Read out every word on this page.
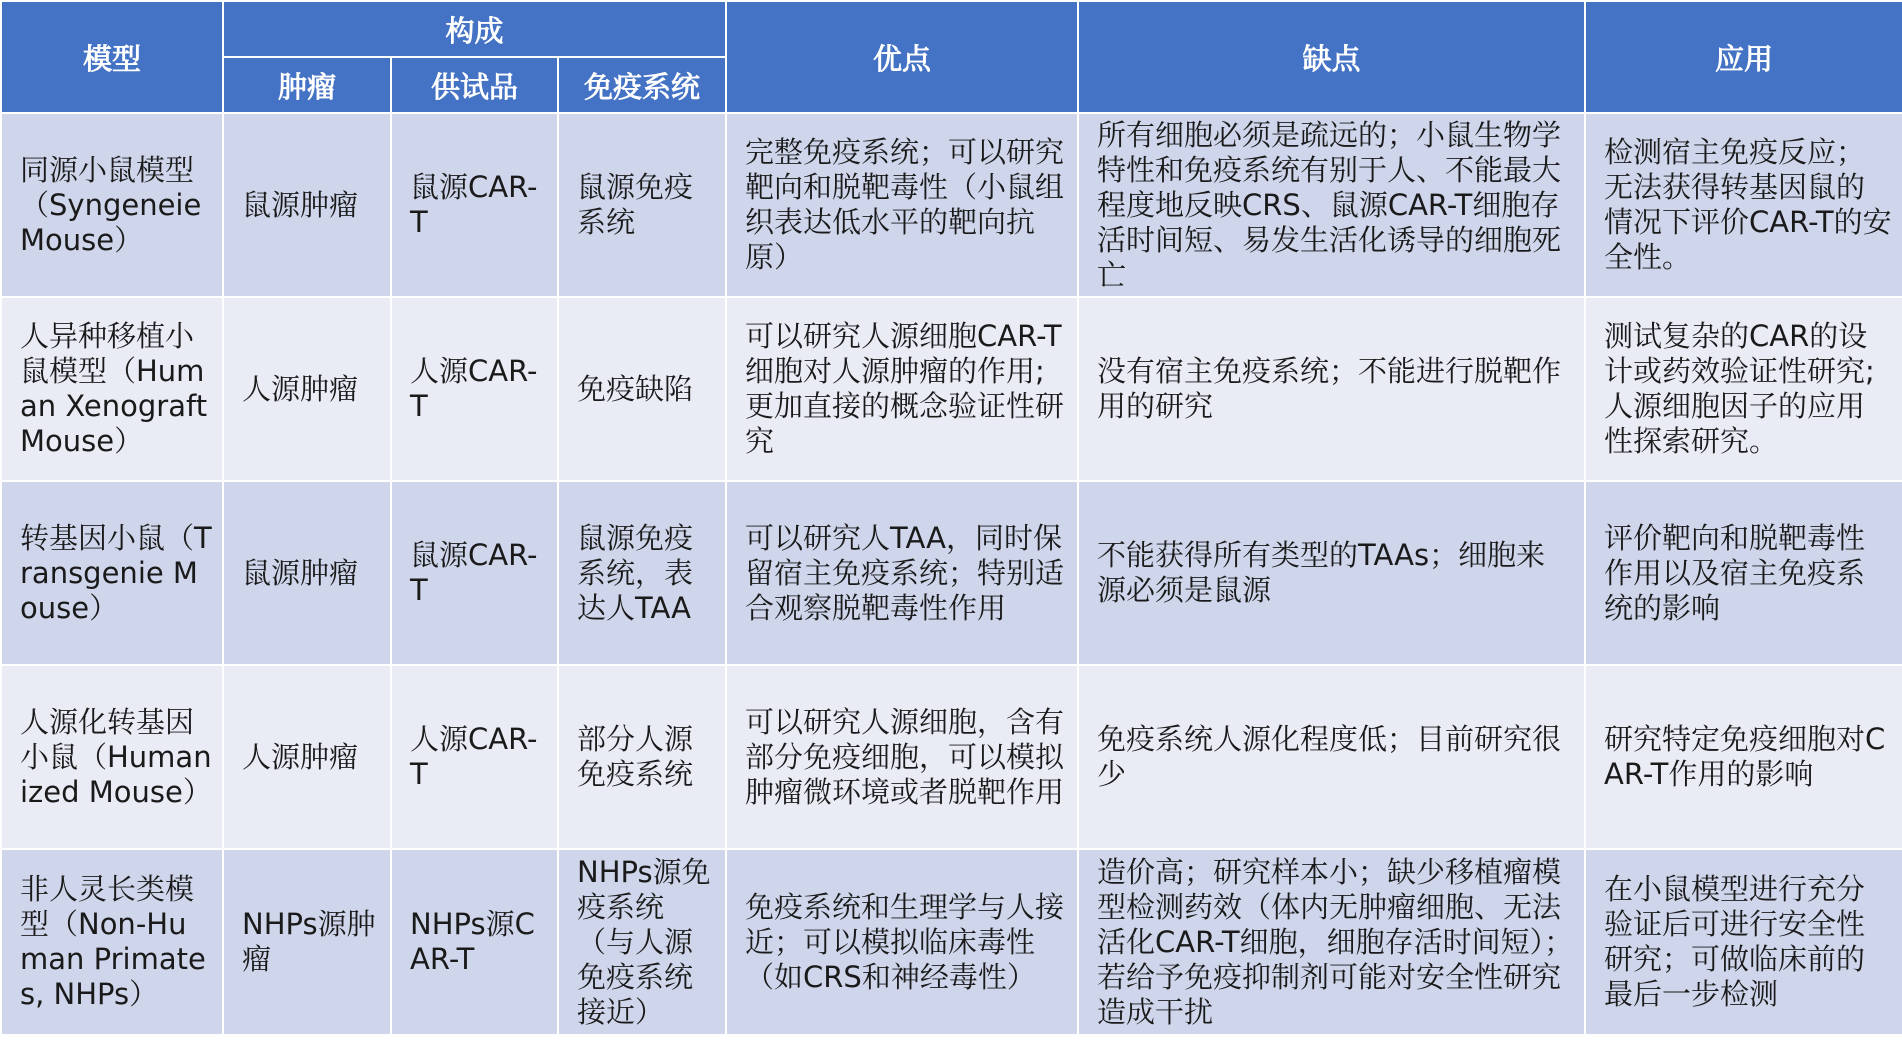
模型	构成			优点	缺点	应用
	肿瘤	供试品	免疫系统			
同源小鼠模型（Syngeneie Mouse）	鼠源肿瘤	鼠源CAR-T	鼠源免疫系统	完整免疫系统；可以研究靶向和脱靶毒性（小鼠组织表达低水平的靶向抗原）	所有细胞必须是疏远的；小鼠生物学特性和免疫系统有别于人、不能最大程度地反映CRS、鼠源CAR-T细胞存活时间短、易发生活化诱导的细胞死亡	检测宿主免疫反应；无法获得转基因鼠的情况下评价CAR-T的安全性。
人异种移植小鼠模型（Human Xenograft Mouse）	人源肿瘤	人源CAR-T	免疫缺陷	可以研究人源细胞CAR-T细胞对人源肿瘤的作用;更加直接的概念验证性研究	没有宿主免疫系统；不能进行脱靶作用的研究	测试复杂的CAR的设计或药效验证性研究;人源细胞因子的应用性探索研究。
转基因小鼠（Transgenie Mouse）	鼠源肿瘤	鼠源CAR-T	鼠源免疫系统，表达人TAA	可以研究人TAA，同时保留宿主免疫系统；特别适合观察脱靶毒性作用	不能获得所有类型的TAAs；细胞来源必须是鼠源	评价靶向和脱靶毒性作用以及宿主免疫系统的影响
人源化转基因小鼠（Humanized Mouse）	人源肿瘤	人源CAR-T	部分人源免疫系统	可以研究人源细胞，含有部分免疫细胞，可以模拟肿瘤微环境或者脱靶作用	免疫系统人源化程度低；目前研究很少	研究特定免疫细胞对CAR-T作用的影响
非人灵长类模型（Non-Human Primates, NHPs）	NHPs源肿瘤	NHPs源CAR-T	NHPs源免疫系统（与人源免疫系统接近）	免疫系统和生理学与人接近；可以模拟临床毒性（如CRS和神经毒性）	造价高；研究样本小；缺少移植瘤模型检测药效（体内无肿瘤细胞、无法活化CAR-T细胞，细胞存活时间短）；若给予免疫抑制剂可能对安全性研究造成干扰	在小鼠模型进行充分验证后可进行安全性研究；可做临床前的最后一步检测
